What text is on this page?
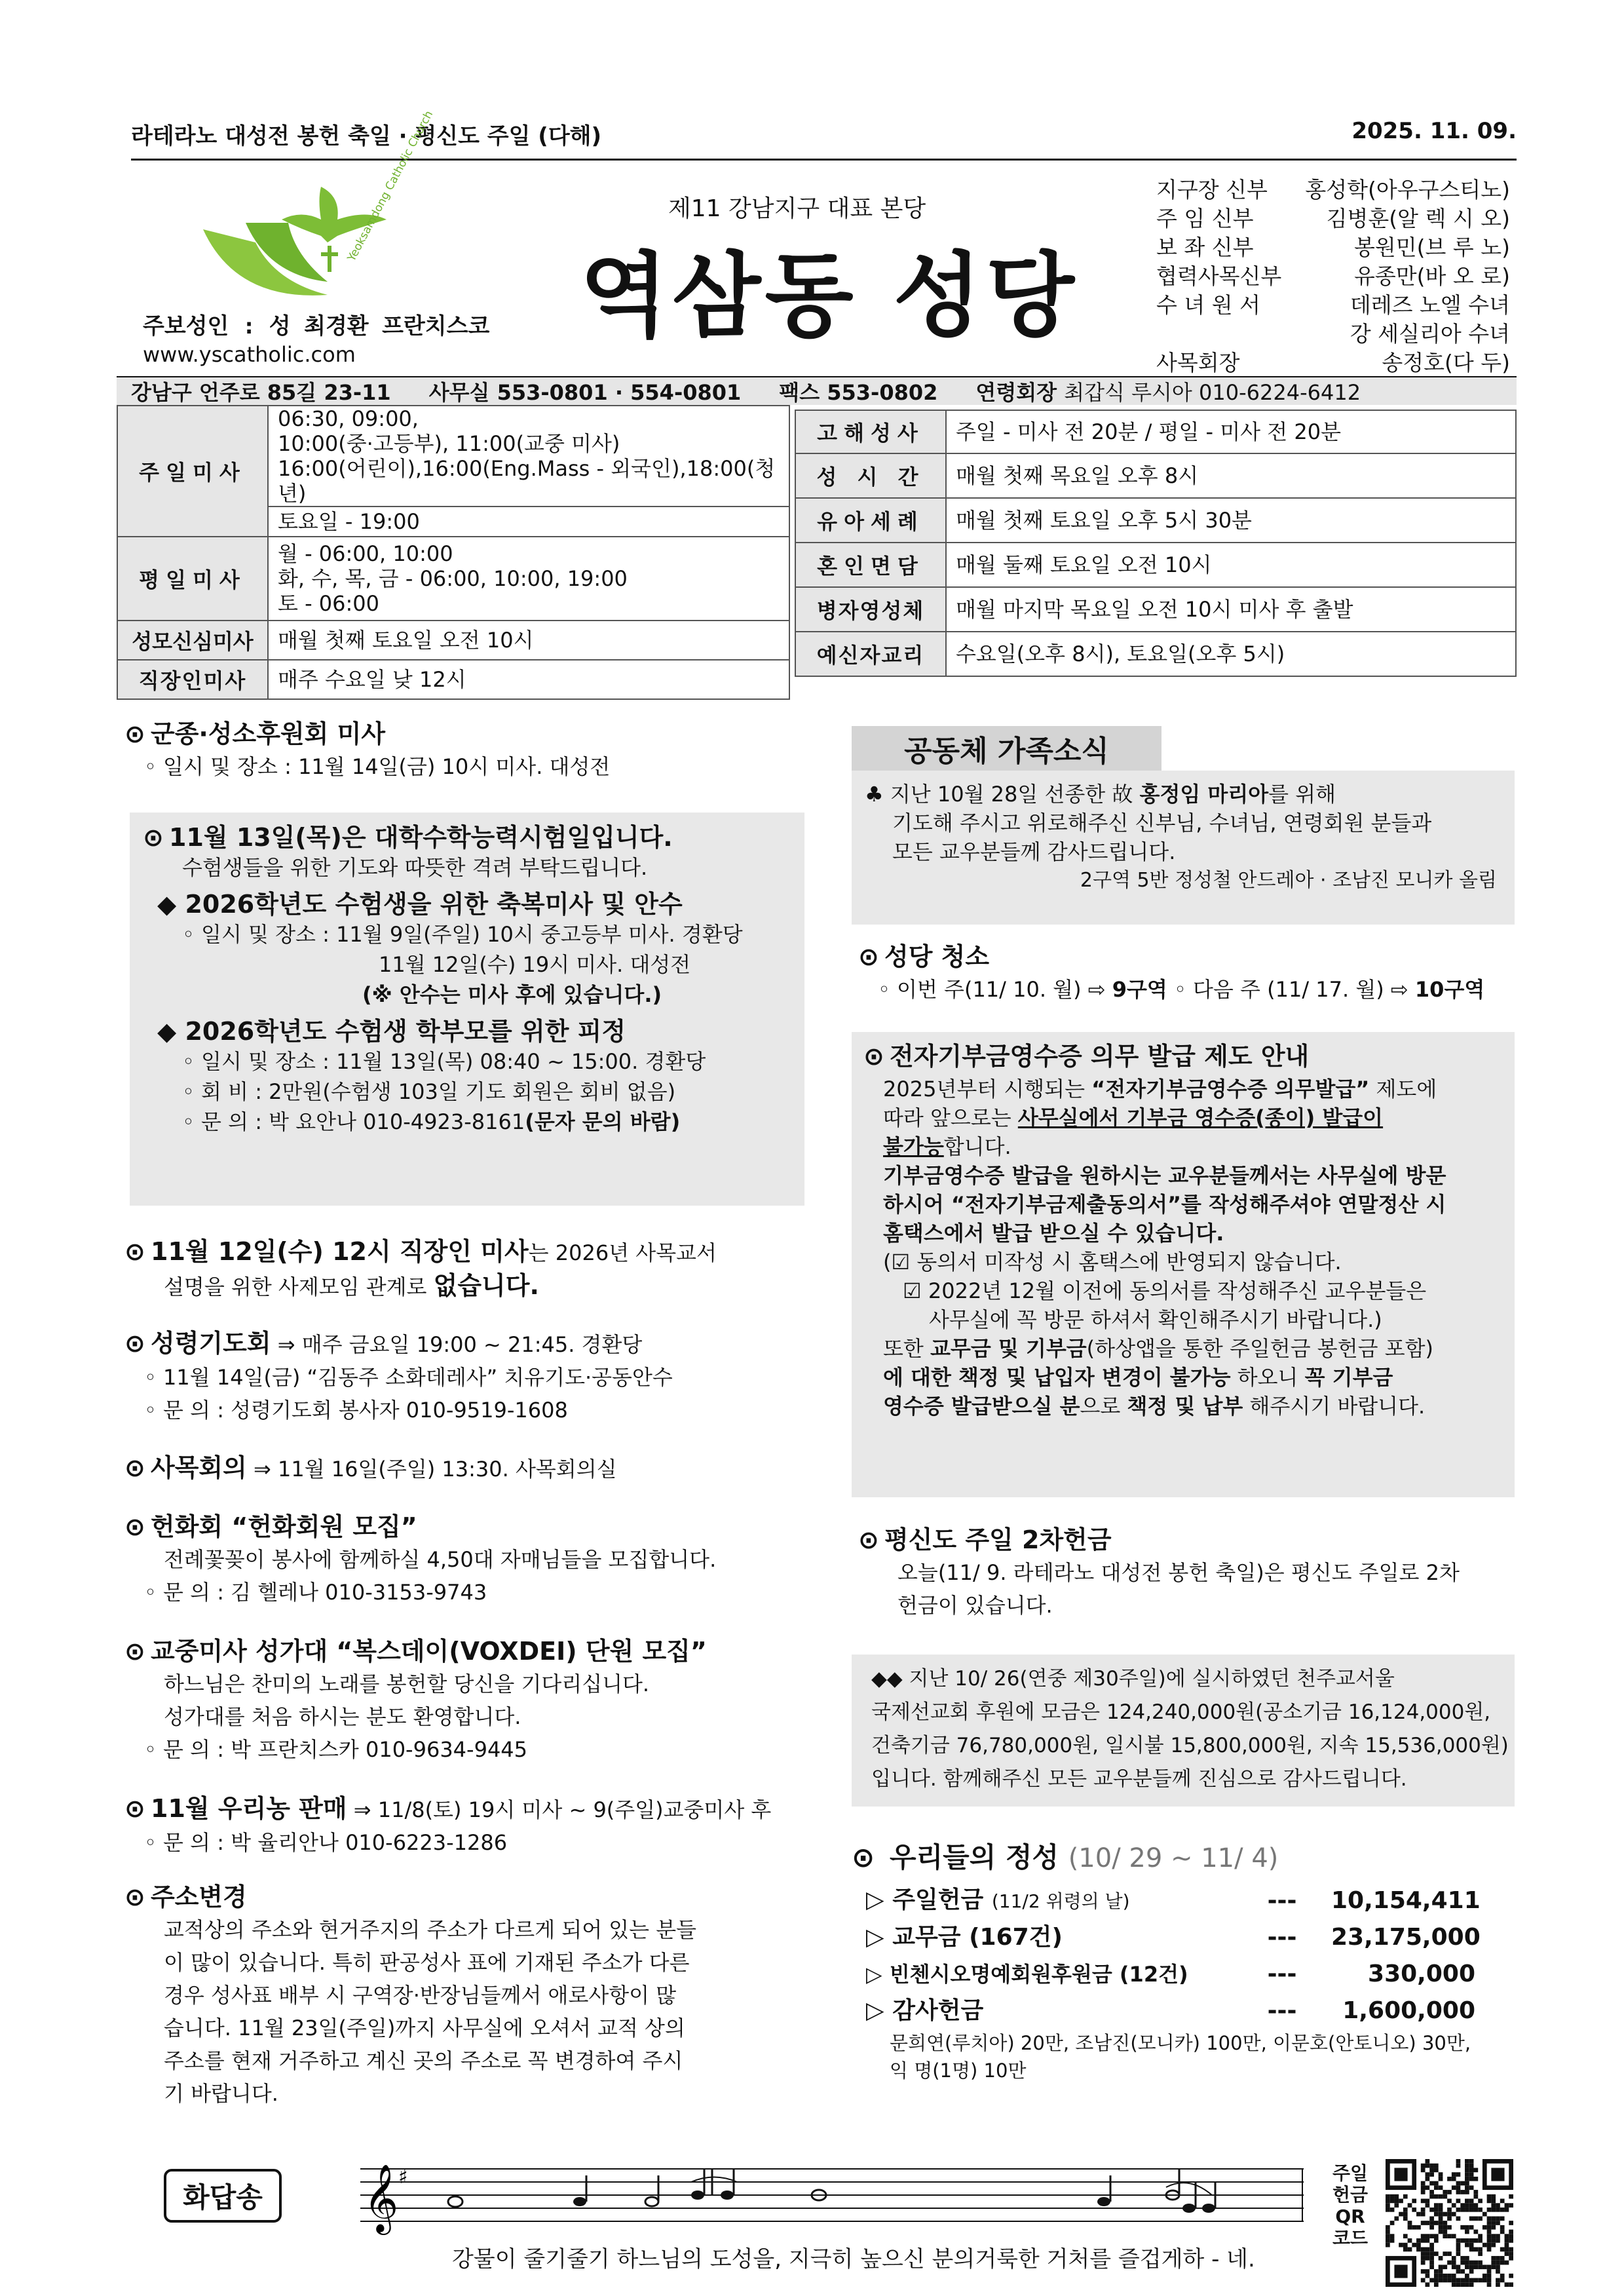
라테라노 대성전 봉헌 축일 · 평신도 주일 (다해)	2025. 11. 09.
Yeoksamdong Catholic Church
주보성인 : 성 최경환 프란치스코
www.yscatholic.com
제11 강남지구 대표 본당
역삼동 성당
지구장 신부 홍성학(아우구스티노)
주 임 신부	김병훈(알 렉 시 오)
보 좌 신부	봉원민(브 루 노)
협력사목신부	유종만(바 오 로)
수 녀 원 서	데레즈 노엘 수녀
강 세실리아 수녀
사목회장	송정호(다 두)
강남구 언주로 85길 23-11 사무실 553-0801 · 554-0801 팩스 553-0802 연령회장 최갑식 루시아 010-6224-6412
주일미사	06:30, 09:00,
10:00(중·고등부), 11:00(교중 미사)
16:00(어린이),16:00(Eng.Mass - 외국인),18:00(청년)

	토요일 - 19:00
평일미사	월 - 06:00, 10:00
화, 수, 목, 금 - 06:00, 10:00, 19:00
토 - 06:00

성모신심미사	매월 첫째 토요일 오전 10시
직장인미사	매주 수요일 낮 12시
고해성사	주일 - 미사 전 20분 / 평일 - 미사 전 20분
성 시 간	매월 첫째 목요일 오후 8시
유아세례	매월 첫째 토요일 오후 5시 30분
혼인면담	매월 둘째 토요일 오전 10시
병자영성체	매월 마지막 목요일 오전 10시 미사 후 출발
예신자교리	수요일(오후 8시), 토요일(오후 5시)
⊙ 군종·성소후원회 미사
◦ 일시 및 장소 : 11월 14일(금) 10시 미사. 대성전
⊙ 11월 13일(목)은 대학수학능력시험일입니다.
수험생들을 위한 기도와 따뜻한 격려 부탁드립니다.
◆ 2026학년도 수험생을 위한 축복미사 및 안수
◦ 일시 및 장소 : 11월 9일(주일) 10시 중고등부 미사. 경환당
11월 12일(수) 19시 미사. 대성전
(※ 안수는 미사 후에 있습니다.)
◆ 2026학년도 수험생 학부모를 위한 피정
◦ 일시 및 장소 : 11월 13일(목) 08:40 ~ 15:00. 경환당
◦ 회 비 : 2만원(수험생 103일 기도 회원은 회비 없음)
◦ 문 의 : 박 요안나 010-4923-8161(문자 문의 바람)
⊙ 11월 12일(수) 12시 직장인 미사는 2026년 사목교서
설명을 위한 사제모임 관계로 없습니다.
⊙ 성령기도회 ⇒ 매주 금요일 19:00 ~ 21:45. 경환당
◦ 11월 14일(금) “김동주 소화데레사” 치유기도·공동안수
◦ 문 의 : 성령기도회 봉사자 010-9519-1608
⊙ 사목회의 ⇒ 11월 16일(주일) 13:30. 사목회의실
⊙ 헌화회 “헌화회원 모집”
전례꽃꽂이 봉사에 함께하실 4,50대 자매님들을 모집합니다.
◦ 문 의 : 김 헬레나 010-3153-9743
⊙ 교중미사 성가대 “복스데이(VOXDEI) 단원 모집”
하느님은 찬미의 노래를 봉헌할 당신을 기다리십니다.
성가대를 처음 하시는 분도 환영합니다.
◦ 문 의 : 박 프란치스카 010-9634-9445
⊙ 11월 우리농 판매 ⇒ 11/8(토) 19시 미사 ~ 9(주일)교중미사 후
◦ 문 의 : 박 율리안나 010-6223-1286
⊙ 주소변경
교적상의 주소와 현거주지의 주소가 다르게 되어 있는 분들
이 많이 있습니다. 특히 판공성사 표에 기재된 주소가 다른
경우 성사표 배부 시 구역장·반장님들께서 애로사항이 많
습니다. 11월 23일(주일)까지 사무실에 오셔서 교적 상의
주소를 현재 거주하고 계신 곳의 주소로 꼭 변경하여 주시
기 바랍니다.
공동체 가족소식
♣ 지난 10월 28일 선종한 故 홍정임 마리아를 위해
기도해 주시고 위로해주신 신부님, 수녀님, 연령회원 분들과
모든 교우분들께 감사드립니다.
2구역 5반 정성철 안드레아 · 조남진 모니카 올림
⊙ 성당 청소
◦ 이번 주(11/ 10. 월) ⇨ 9구역 ◦ 다음 주 (11/ 17. 월) ⇨ 10구역
⊙ 전자기부금영수증 의무 발급 제도 안내
2025년부터 시행되는 “전자기부금영수증 의무발급” 제도에
따라 앞으로는 사무실에서 기부금 영수증(종이) 발급이
불가능합니다.
기부금영수증 발급을 원하시는 교우분들께서는 사무실에 방문
하시어 “전자기부금제출동의서”를 작성해주셔야 연말정산 시
홈택스에서 발급 받으실 수 있습니다.
(☑ 동의서 미작성 시 홈택스에 반영되지 않습니다.
☑ 2022년 12월 이전에 동의서를 작성해주신 교우분들은
사무실에 꼭 방문 하셔서 확인해주시기 바랍니다.)
또한 교무금 및 기부금(하상앱을 통한 주일헌금 봉헌금 포함)
에 대한 책정 및 납입자 변경이 불가능 하오니 꼭 기부금
영수증 발급받으실 분으로 책정 및 납부 해주시기 바랍니다.
⊙ 평신도 주일 2차헌금
오늘(11/ 9. 라테라노 대성전 봉헌 축일)은 평신도 주일로 2차
헌금이 있습니다.
◆◆ 지난 10/ 26(연중 제30주일)에 실시하였던 천주교서울
국제선교회 후원에 모금은 124,240,000원(공소기금 16,124,000원,
건축기금 76,780,000원, 일시불 15,800,000원, 지속 15,536,000원)
입니다. 함께해주신 모든 교우분들께 진심으로 감사드립니다.
⊙ 우리들의 정성 (10/ 29 ~ 11/ 4)
▷ 주일헌금 (11/2 위령의 날)	---	10,154,411
▷ 교무금 (167건)	---	23,175,000
▷ 빈첸시오명예회원후원금 (12건)	---	330,000
▷ 감사헌금	---	1,600,000
문희연(루치아) 20만, 조남진(모니카) 100만, 이문호(안토니오) 30만,
익 명(1명) 10만
화답송	𝄞 ♯
강물이 줄기줄기 하느님의 도성을, 지극히 높으신 분의거룩한 거처를 즐겁게하 - 네.
주일
헌금
QR
코드
